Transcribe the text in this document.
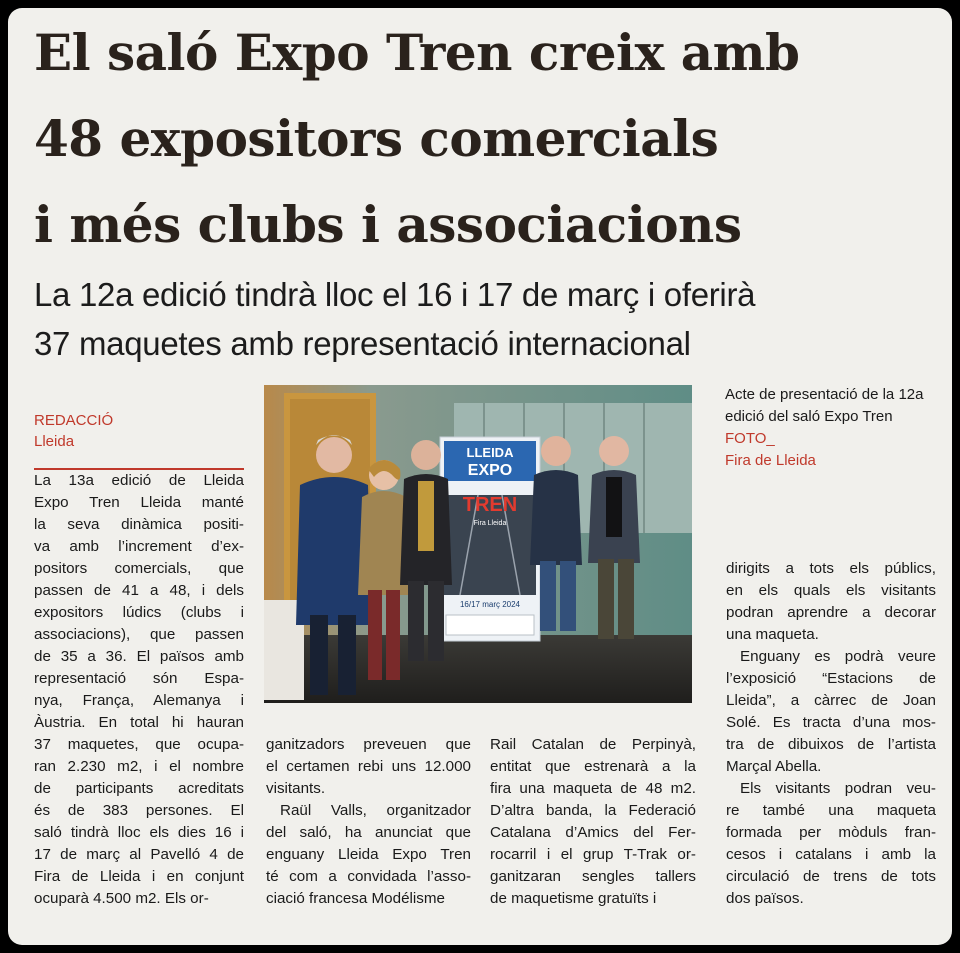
El saló Expo Tren creix amb
48 expositors comercials
i més clubs i associacions
La 12a edició tindrà lloc el 16 i 17 de març i oferirà
37 maquetes amb representació internacional
REDACCIÓ
Lleida
La 13a edició de Lleida
Expo Tren Lleida manté
la seva dinàmica positi-
va amb l’increment d’ex-
positors comercials, que
passen de 41 a 48, i dels
expositors lúdics (clubs i
associacions), que passen
de 35 a 36. El països amb
representació són Espa-
nya, França, Alemanya i
Àustria. En total hi hauran
37 maquetes, que ocupa-
ran 2.230 m2, i el nombre
de participants acreditats
és de 383 persones. El
saló tindrà lloc els dies 16 i
17 de març al Pavelló 4 de
Fira de Lleida i en conjunt
ocuparà 4.500 m2. Els or-
LLEIDA
EXPO
TREN
Fira Lleida
16/17 març 2024
Acte de presentació de la 12a edició del saló Expo Tren
FOTO_
Fira de Lleida
ganitzadors preveuen que
el certamen rebi uns 12.000
visitants.
Raül Valls, organitzador
del saló, ha anunciat que
enguany Lleida Expo Tren
té com a convidada l’asso-
ciació francesa Modélisme
Rail Catalan de Perpinyà,
entitat que estrenarà a la
fira una maqueta de 48 m2.
D’altra banda, la Federació
Catalana d’Amics del Fer-
rocarril i el grup T-Trak or-
ganitzaran sengles tallers
de maquetisme gratuïts i
dirigits a tots els públics,
en els quals els visitants
podran aprendre a decorar
una maqueta.
Enguany es podrà veure
l’exposició “Estacions de
Lleida”, a càrrec de Joan
Solé. Es tracta d’una mos-
tra de dibuixos de l’artista
Marçal Abella.
Els visitants podran veu-
re també una maqueta
formada per mòduls fran-
cesos i catalans i amb la
circulació de trens de tots
dos països.
